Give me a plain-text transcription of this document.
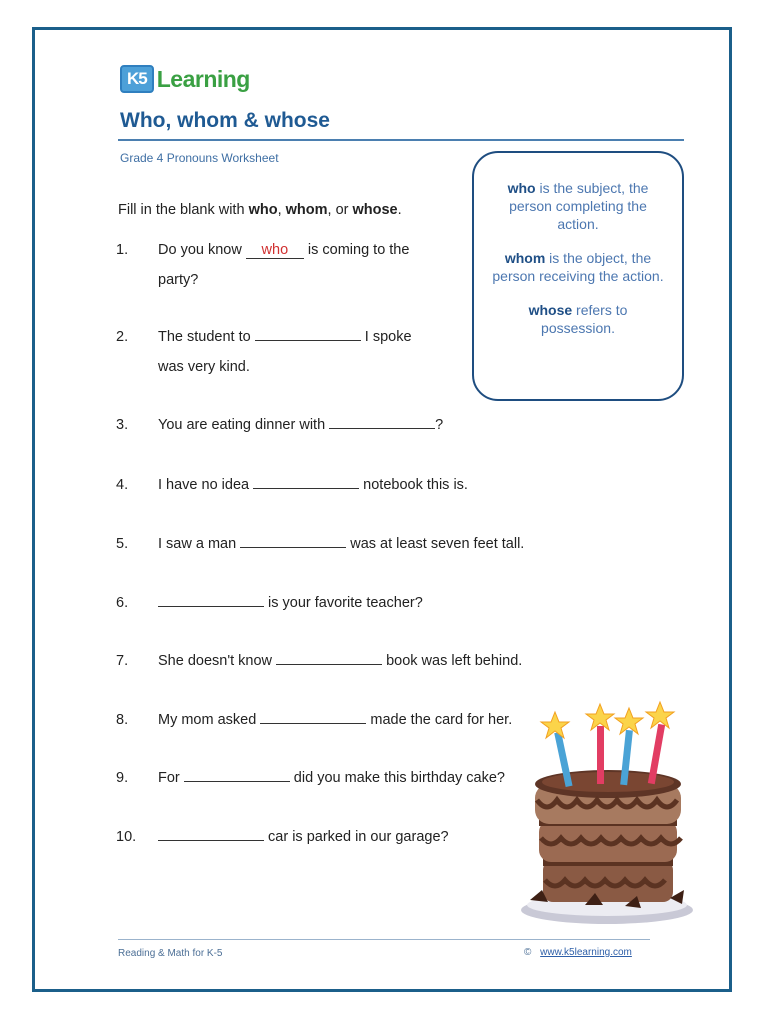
K5 Learning
Who, whom & whose
Grade 4 Pronouns Worksheet
Fill in the blank with who, whom, or whose.

who is the subject, the person completing the action.

whom is the object, the person receiving the action.

whose refers to possession.

1.	Do you know who is coming to the
party?
2.	The student to	I spoke
was very kind.
3.	You are eating dinner with	?
4.	I have no idea	notebook this is.
5.	I saw a man	was at least seven feet tall.
6.	is your favorite teacher?
7.	She doesn't know	book was left behind.
8.	My mom asked	made the card for her.
9.	For	did you make this birthday cake?
10.	car is parked in our garage?
Reading & Math for K-5	© www.k5learning.com
